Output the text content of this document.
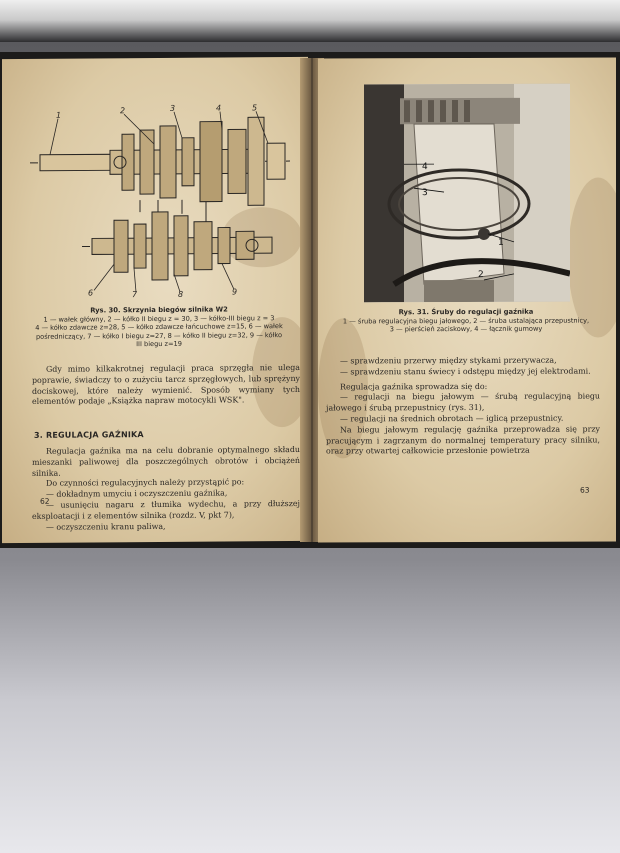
1	2	3	4	5
6	7	8	9
Rys. 30. Skrzynia biegów silnika W2
1 — wałek główny, 2 — kółko II biegu z = 30, 3 — kółko-III biegu z = 3
4 — kółko zdawcze z=28, 5 — kółko zdawcze łańcuchowe z=15, 6 — wałek
pośredniczący, 7 — kółko I biegu z=27, 8 — kółko II biegu z=32, 9 — kółko
III biegu z=19

Gdy mimo kilkakrotnej regulacji praca sprzęgła nie ulega poprawie, świadczy to o zużyciu tarcz sprzęgłowych, lub sprężyny dociskowej, które należy wymienić. Sposób wymiany tych elementów podaje „Książka napraw motocykli WSK".

3. REGULACJA GAŹNIKA

Regulacja gaźnika ma na celu dobranie optymalnego składu mieszanki paliwowej dla poszczególnych obrotów i obciążeń silnika.

Do czynności regulacyjnych należy przystąpić po:

— dokładnym umyciu i oczyszczeniu gaźnika,

— usunięciu nagaru z tłumika wydechu, a przy dłuższej eksploatacji i z elementów silnika (rozdz. V, pkt 7),

— oczyszczeniu kranu paliwa,

62
4
3
1
2
Rys. 31. Śruby do regulacji gaźnika
1 — śruba regulacyjna biegu jałowego, 2 — śruba ustalająca przepustnicy,
3 — pierścień zaciskowy, 4 — łącznik gumowy

— sprawdzeniu przerwy między stykami przerywacza,

— sprawdzeniu stanu świecy i odstępu między jej elektrodami.

Regulacja gaźnika sprowadza się do:

— regulacji na biegu jałowym — śrubą regulacyjną biegu jałowego i śrubą przepustnicy (rys. 31),

— regulacji na średnich obrotach — iglicą przepustnicy.

Na biegu jałowym regulację gaźnika przeprowadza się przy pracującym i zagrzanym do normalnej temperatury pracy silniku, oraz przy otwartej całkowicie przesłonie powietrza

63
